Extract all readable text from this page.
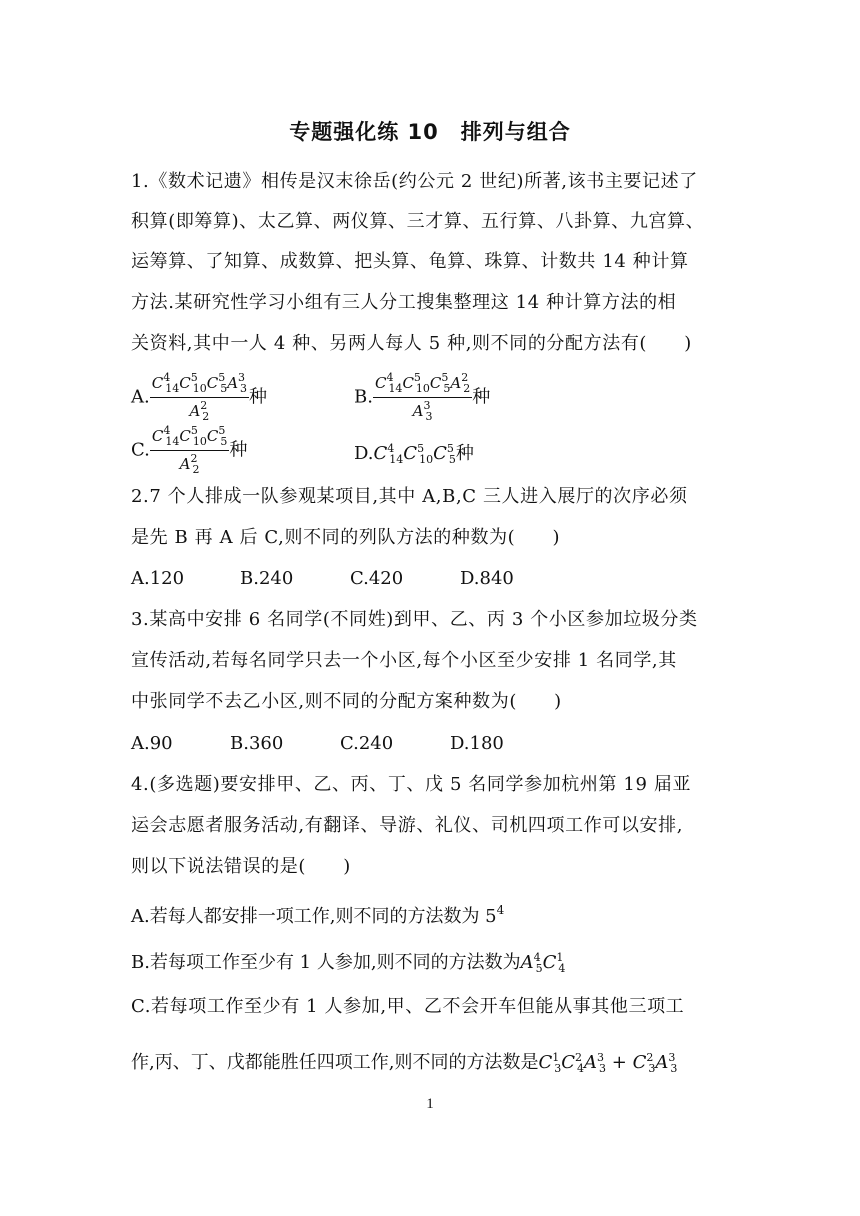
专题强化练 10　排列与组合
1.《数术记遗》相传是汉末徐岳(约公元 2 世纪)所著,该书主要记述了
积算(即筹算)、太乙算、两仪算、三才算、五行算、八卦算、九宫算、
运筹算、了知算、成数算、把头算、龟算、珠算、计数共 14 种计算
方法.某研究性学习小组有三人分工搜集整理这 14 种计算方法的相
关资料,其中一人 4 种、另两人每人 5 种,则不同的分配方法有(　　)
A. $\frac{C^4_{14}C^5_{10}C^5_5A^3_3}{A^2_2}$ 种	B. $\frac{C^4_{14}C^5_{10}C^5_5A^2_2}{A^3_3}$ 种
C. $\frac{C^4_{14}C^5_{10}C^5_5}{A^2_2}$ 种	$D.C^4_{14}C^5_{10}C^5_5$种
2.7 个人排成一队参观某项目,其中 A,B,C 三人进入展厅的次序必须
是先 B 再 A 后 C,则不同的列队方法的种数为(　　)
A.120	B.240	C.420	D.840
3.某高中安排 6 名同学(不同姓)到甲、乙、丙 3 个小区参加垃圾分类
宣传活动,若每名同学只去一个小区,每个小区至少安排 1 名同学,其
中张同学不去乙小区,则不同的分配方案种数为(　　)
A.90	B.360	C.240	D.180
4.(多选题)要安排甲、乙、丙、丁、戊 5 名同学参加杭州第 19 届亚
运会志愿者服务活动,有翻译、导游、礼仪、司机四项工作可以安排,
则以下说法错误的是(　　)
A.若每人都安排一项工作,则不同的方法数为 $5^4$
B.若每项工作至少有 1 人参加,则不同的方法数为$A^4_5C^1_4$
C.若每项工作至少有 1 人参加,甲、乙不会开车但能从事其他三项工
作,丙、丁、戊都能胜任四项工作,则不同的方法数是$C^1_3C^2_4A^3_3 + C^2_3A^3_3$
1
